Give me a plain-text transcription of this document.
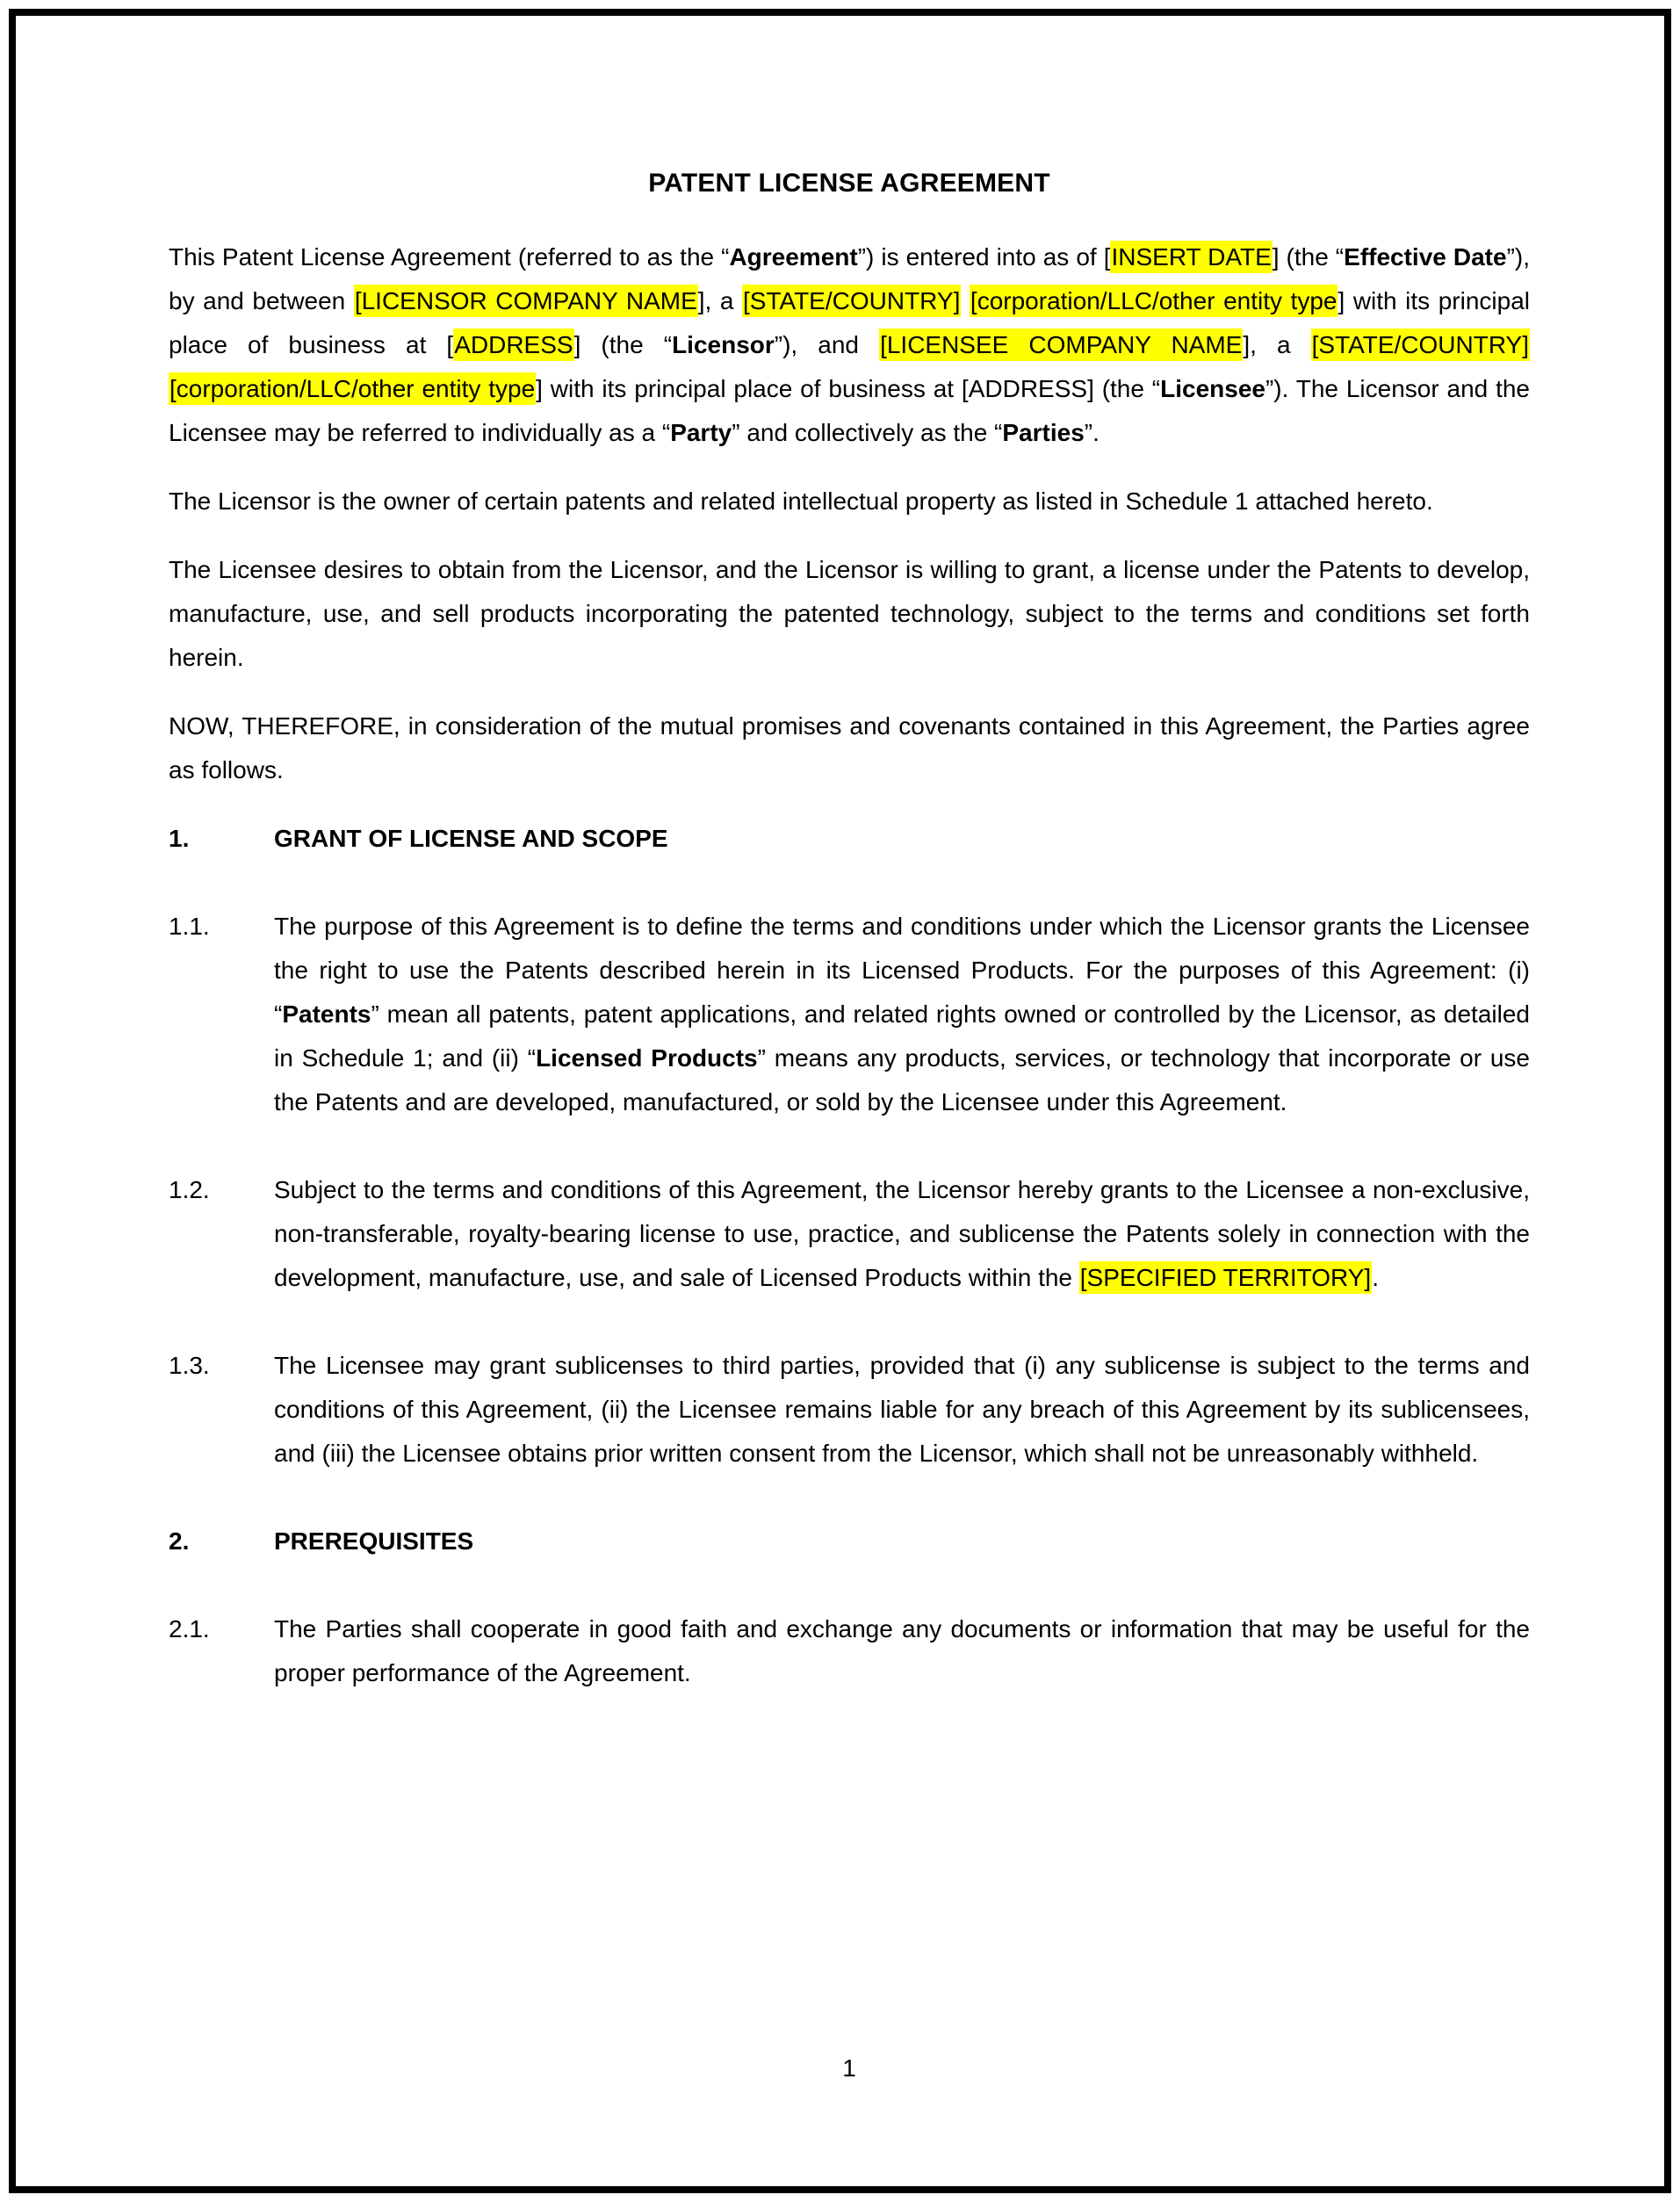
PATENT LICENSE AGREEMENT

This Patent License Agreement (referred to as the “Agreement”) is entered into as of [INSERT DATE] (the “Effective Date”), by and between [LICENSOR COMPANY NAME], a [STATE/COUNTRY] [corporation/LLC/other entity type] with its principal place of business at [ADDRESS] (the “Licensor”), and [LICENSEE COMPANY NAME], a [STATE/COUNTRY] [corporation/LLC/other entity type] with its principal place of business at [ADDRESS] (the “Licensee”). The Licensor and the Licensee may be referred to individually as a “Party” and collectively as the “Parties”.

The Licensor is the owner of certain patents and related intellectual property as listed in Schedule 1 attached hereto.

The Licensee desires to obtain from the Licensor, and the Licensor is willing to grant, a license under the Patents to develop, manufacture, use, and sell products incorporating the patented technology, subject to the terms and conditions set forth herein.

NOW, THEREFORE, in consideration of the mutual promises and covenants contained in this Agreement, the Parties agree as follows.

1.	GRANT OF LICENSE AND SCOPE
1.1.	The purpose of this Agreement is to define the terms and conditions under which the Licensor grants the Licensee the right to use the Patents described herein in its Licensed Products. For the purposes of this Agreement: (i) “Patents” mean all patents, patent applications, and related rights owned or controlled by the Licensor, as detailed in Schedule 1; and (ii) “Licensed Products” means any products, services, or technology that incorporate or use the Patents and are developed, manufactured, or sold by the Licensee under this Agreement.
1.2.	Subject to the terms and conditions of this Agreement, the Licensor hereby grants to the Licensee a non-exclusive, non-transferable, royalty-bearing license to use, practice, and sublicense the Patents solely in connection with the development, manufacture, use, and sale of Licensed Products within the [SPECIFIED TERRITORY].
1.3.	The Licensee may grant sublicenses to third parties, provided that (i) any sublicense is subject to the terms and conditions of this Agreement, (ii) the Licensee remains liable for any breach of this Agreement by its sublicensees, and (iii) the Licensee obtains prior written consent from the Licensor, which shall not be unreasonably withheld.
2.	PREREQUISITES
2.1.	The Parties shall cooperate in good faith and exchange any documents or information that may be useful for the proper performance of the Agreement.
1
